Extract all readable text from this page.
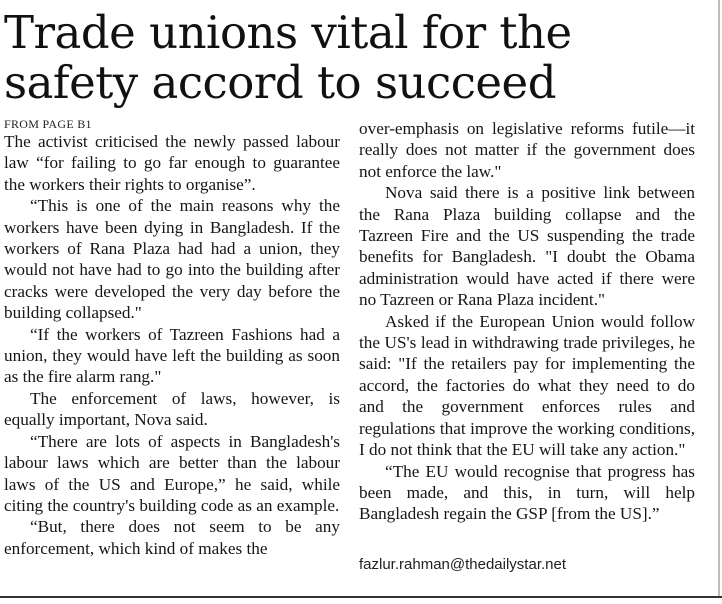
Trade unions vital for the safety accord to succeed
FROM PAGE B1

The activist criticised the newly passed labour law “for failing to go far enough to guarantee the workers their rights to organise”.

“This is one of the main reasons why the workers have been dying in Bangladesh. If the workers of Rana Plaza had had a union, they would not have had to go into the building after cracks were developed the very day before the building collapsed."

“If the workers of Tazreen Fashions had a union, they would have left the building as soon as the fire alarm rang."

The enforcement of laws, however, is equally important, Nova said.

“There are lots of aspects in Bangladesh's labour laws which are better than the labour laws of the US and Europe,” he said, while citing the country's building code as an example.

“But, there does not seem to be any enforcement, which kind of makes the

over-emphasis on legislative reforms futile—it really does not matter if the government does not enforce the law."

Nova said there is a positive link between the Rana Plaza building collapse and the Tazreen Fire and the US suspending the trade benefits for Bangladesh. "I doubt the Obama administration would have acted if there were no Tazreen or Rana Plaza incident."

Asked if the European Union would follow the US's lead in withdrawing trade privileges, he said: "If the retailers pay for implementing the accord, the factories do what they need to do and the government enforces rules and regulations that improve the working conditions, I do not think that the EU will take any action."

“The EU would recognise that progress has been made, and this, in turn, will help Bangladesh regain the GSP [from the US].”

fazlur.rahman@thedailystar.net
